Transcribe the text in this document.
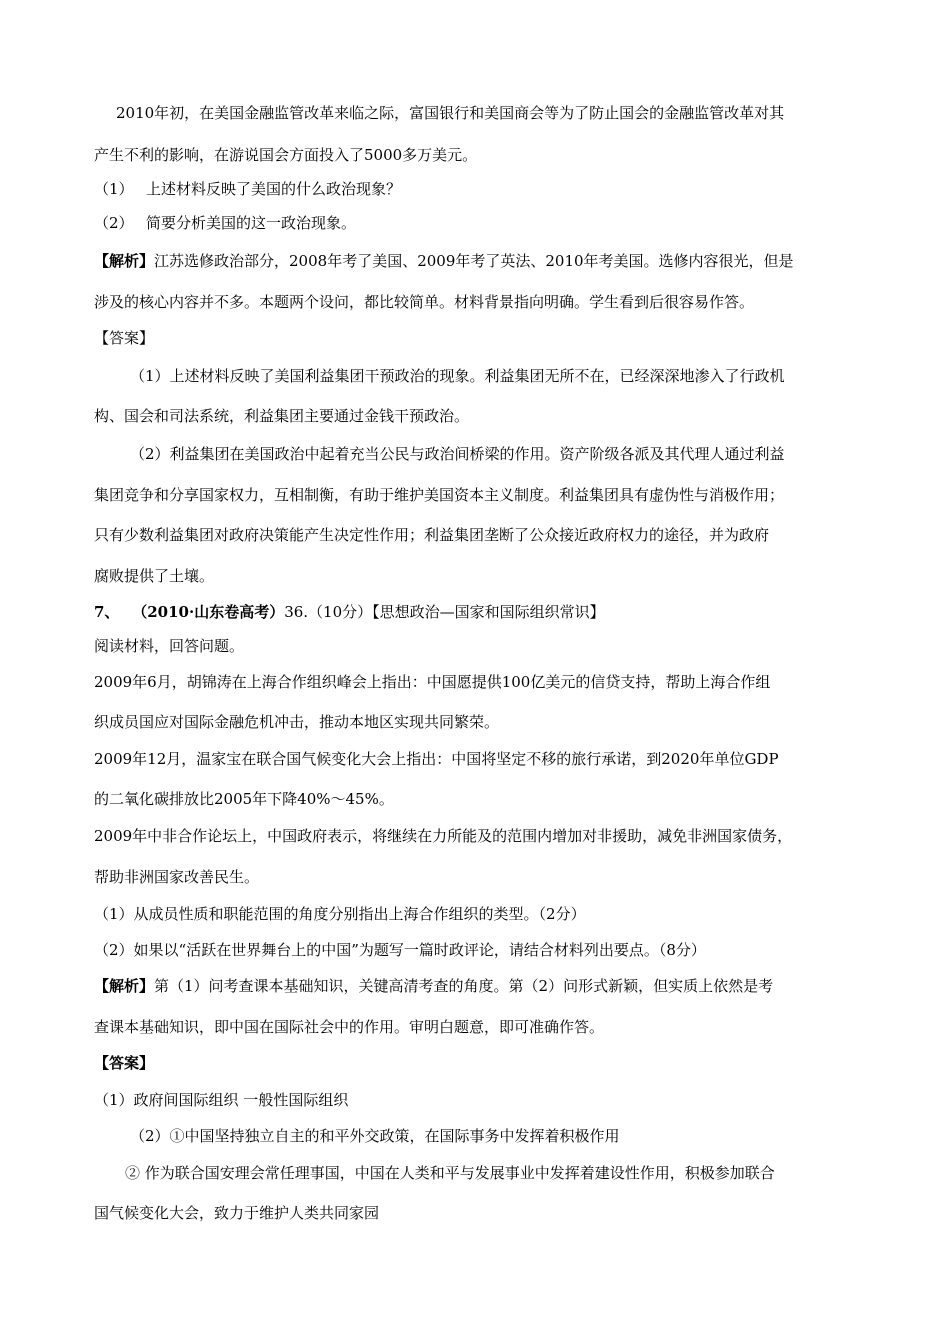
2010年初，在美国金融监管改革来临之际，富国银行和美国商会等为了防止国会的金融监管改革对其
产生不利的影响，在游说国会方面投入了5000多万美元。
（1） 上述材料反映了美国的什么政治现象？
（2） 简要分析美国的这一政治现象。
【解析】江苏选修政治部分，2008年考了美国、2009年考了英法、2010年考美国。选修内容很光，但是
涉及的核心内容并不多。本题两个设问，都比较简单。材料背景指向明确。学生看到后很容易作答。
【答案】
（1）上述材料反映了美国利益集团干预政治的现象。利益集团无所不在，已经深深地渗入了行政机
构、国会和司法系统，利益集团主要通过金钱干预政治。
（2）利益集团在美国政治中起着充当公民与政治间桥梁的作用。资产阶级各派及其代理人通过利益
集团竞争和分享国家权力，互相制衡，有助于维护美国资本主义制度。利益集团具有虚伪性与消极作用；
只有少数利益集团对政府决策能产生决定性作用；利益集团垄断了公众接近政府权力的途径，并为政府
腐败提供了土壤。
7、 （2010·山东卷高考）36.（10分）【思想政治—国家和国际组织常识】
阅读材料，回答问题。
2009年6月，胡锦涛在上海合作组织峰会上指出：中国愿提供100亿美元的信贷支持，帮助上海合作组
织成员国应对国际金融危机冲击，推动本地区实现共同繁荣。
2009年12月，温家宝在联合国气候变化大会上指出：中国将坚定不移的旅行承诺，到2020年单位GDP
的二氧化碳排放比2005年下降40%～45%。
2009年中非合作论坛上，中国政府表示，将继续在力所能及的范围内增加对非援助，减免非洲国家债务，
帮助非洲国家改善民生。
（1）从成员性质和职能范围的角度分别指出上海合作组织的类型。（2分）
（2）如果以“活跃在世界舞台上的中国”为题写一篇时政评论，请结合材料列出要点。（8分）
【解析】第（1）问考查课本基础知识，关键高清考查的角度。第（2）问形式新颖，但实质上依然是考
查课本基础知识，即中国在国际社会中的作用。审明白题意，即可准确作答。
【答案】
（1）政府间国际组织 一般性国际组织
（2）①中国坚持独立自主的和平外交政策，在国际事务中发挥着积极作用
② 作为联合国安理会常任理事国，中国在人类和平与发展事业中发挥着建设性作用，积极参加联合
国气候变化大会，致力于维护人类共同家园
